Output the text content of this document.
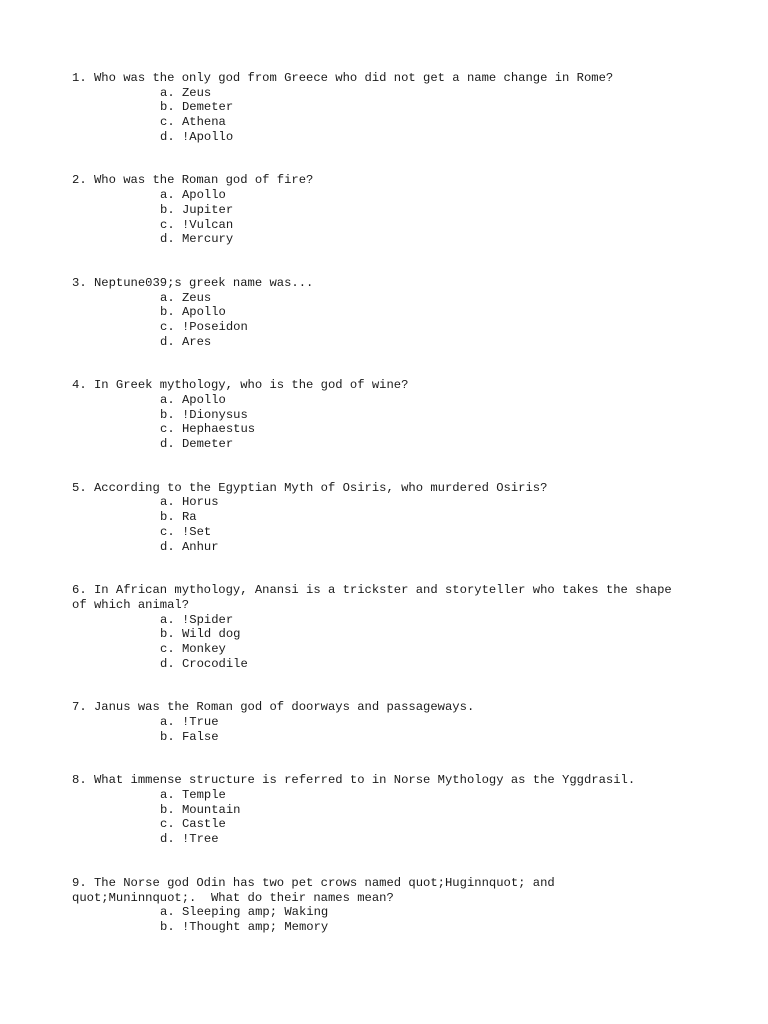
1. Who was the only god from Greece who did not get a name change in Rome?
a. Zeus
b. Demeter
c. Athena
d. !Apollo
2. Who was the Roman god of fire?
a. Apollo
b. Jupiter
c. !Vulcan
d. Mercury
3. Neptune039;s greek name was...
a. Zeus
b. Apollo
c. !Poseidon
d. Ares
4. In Greek mythology, who is the god of wine?
a. Apollo
b. !Dionysus
c. Hephaestus
d. Demeter
5. According to the Egyptian Myth of Osiris, who murdered Osiris?
a. Horus
b. Ra
c. !Set
d. Anhur
6. In African mythology, Anansi is a trickster and storyteller who takes the shape
of which animal?
a. !Spider
b. Wild dog
c. Monkey
d. Crocodile
7. Janus was the Roman god of doorways and passageways.
a. !True
b. False
8. What immense structure is referred to in Norse Mythology as the Yggdrasil.
a. Temple
b. Mountain
c. Castle
d. !Tree
9. The Norse god Odin has two pet crows named quot;Huginnquot; and
quot;Muninnquot;.  What do their names mean?
a. Sleeping amp; Waking
b. !Thought amp; Memory
